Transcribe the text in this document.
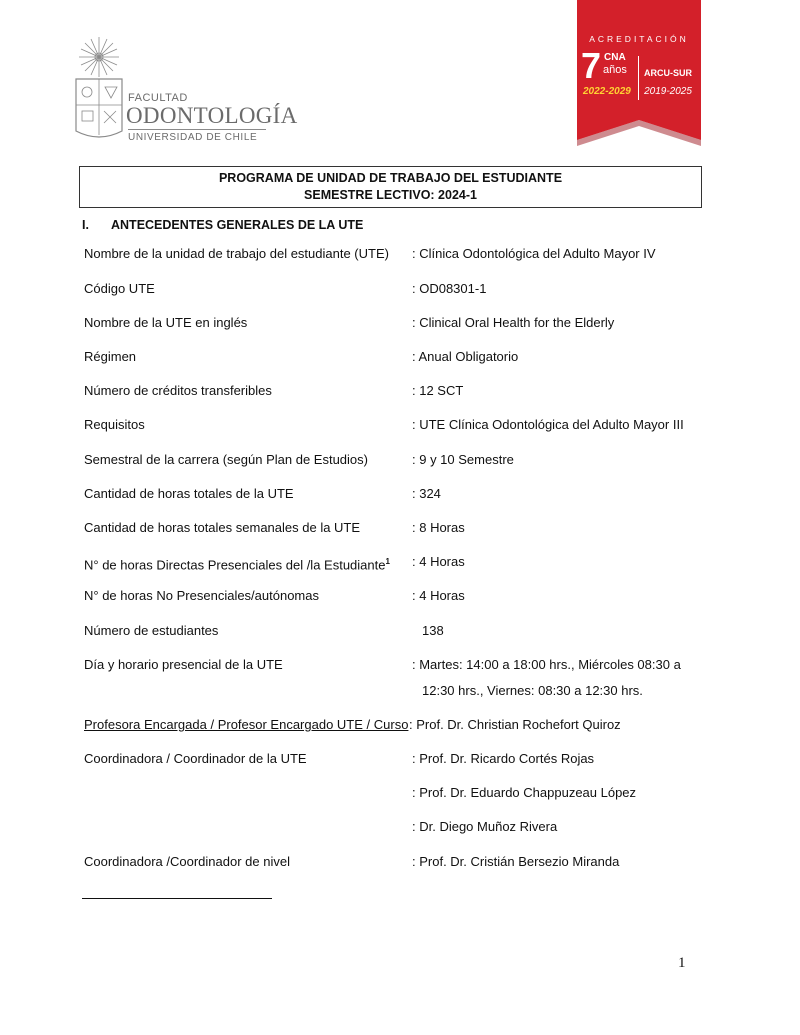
FACULTAD
ODONTOLOGÍA
UNIVERSIDAD DE CHILE
ACREDITACIÓN
7 CNA
años
2022-2029
ARCU-SUR
2019-2025
PROGRAMA DE UNIDAD DE TRABAJO DEL ESTUDIANTE
SEMESTRE LECTIVO: 2024-1
I. ANTECEDENTES GENERALES DE LA UTE
Nombre de la unidad de trabajo del estudiante (UTE) : Clínica Odontológica del Adulto Mayor IV
Código UTE	: OD08301-1
Nombre de la UTE en inglés	: Clinical Oral Health for the Elderly
Régimen	: Anual Obligatorio
Número de créditos transferibles	: 12 SCT
Requisitos	: UTE Clínica Odontológica del Adulto Mayor III
Semestral de la carrera (según Plan de Estudios)	: 9 y 10 Semestre
Cantidad de horas totales de la UTE	: 324
Cantidad de horas totales semanales de la UTE	: 8 Horas
N° de horas Directas Presenciales del /la Estudiante$^1$ : 4 Horas
N° de horas No Presenciales/autónomas	: 4 Horas
Número de estudiantes	138
Día y horario presencial de la UTE	: Martes: 14:00 a 18:00 hrs., Miércoles 08:30 a
12:30 hrs., Viernes: 08:30 a 12:30 hrs.
Profesora Encargada / Profesor Encargado UTE / Curso : Prof. Dr. Christian Rochefort Quiroz
Coordinadora / Coordinador de la UTE	: Prof. Dr. Ricardo Cortés Rojas
: Prof. Dr. Eduardo Chappuzeau López
: Dr. Diego Muñoz Rivera
Coordinadora /Coordinador de nivel	: Prof. Dr. Cristián Bersezio Miranda
1
